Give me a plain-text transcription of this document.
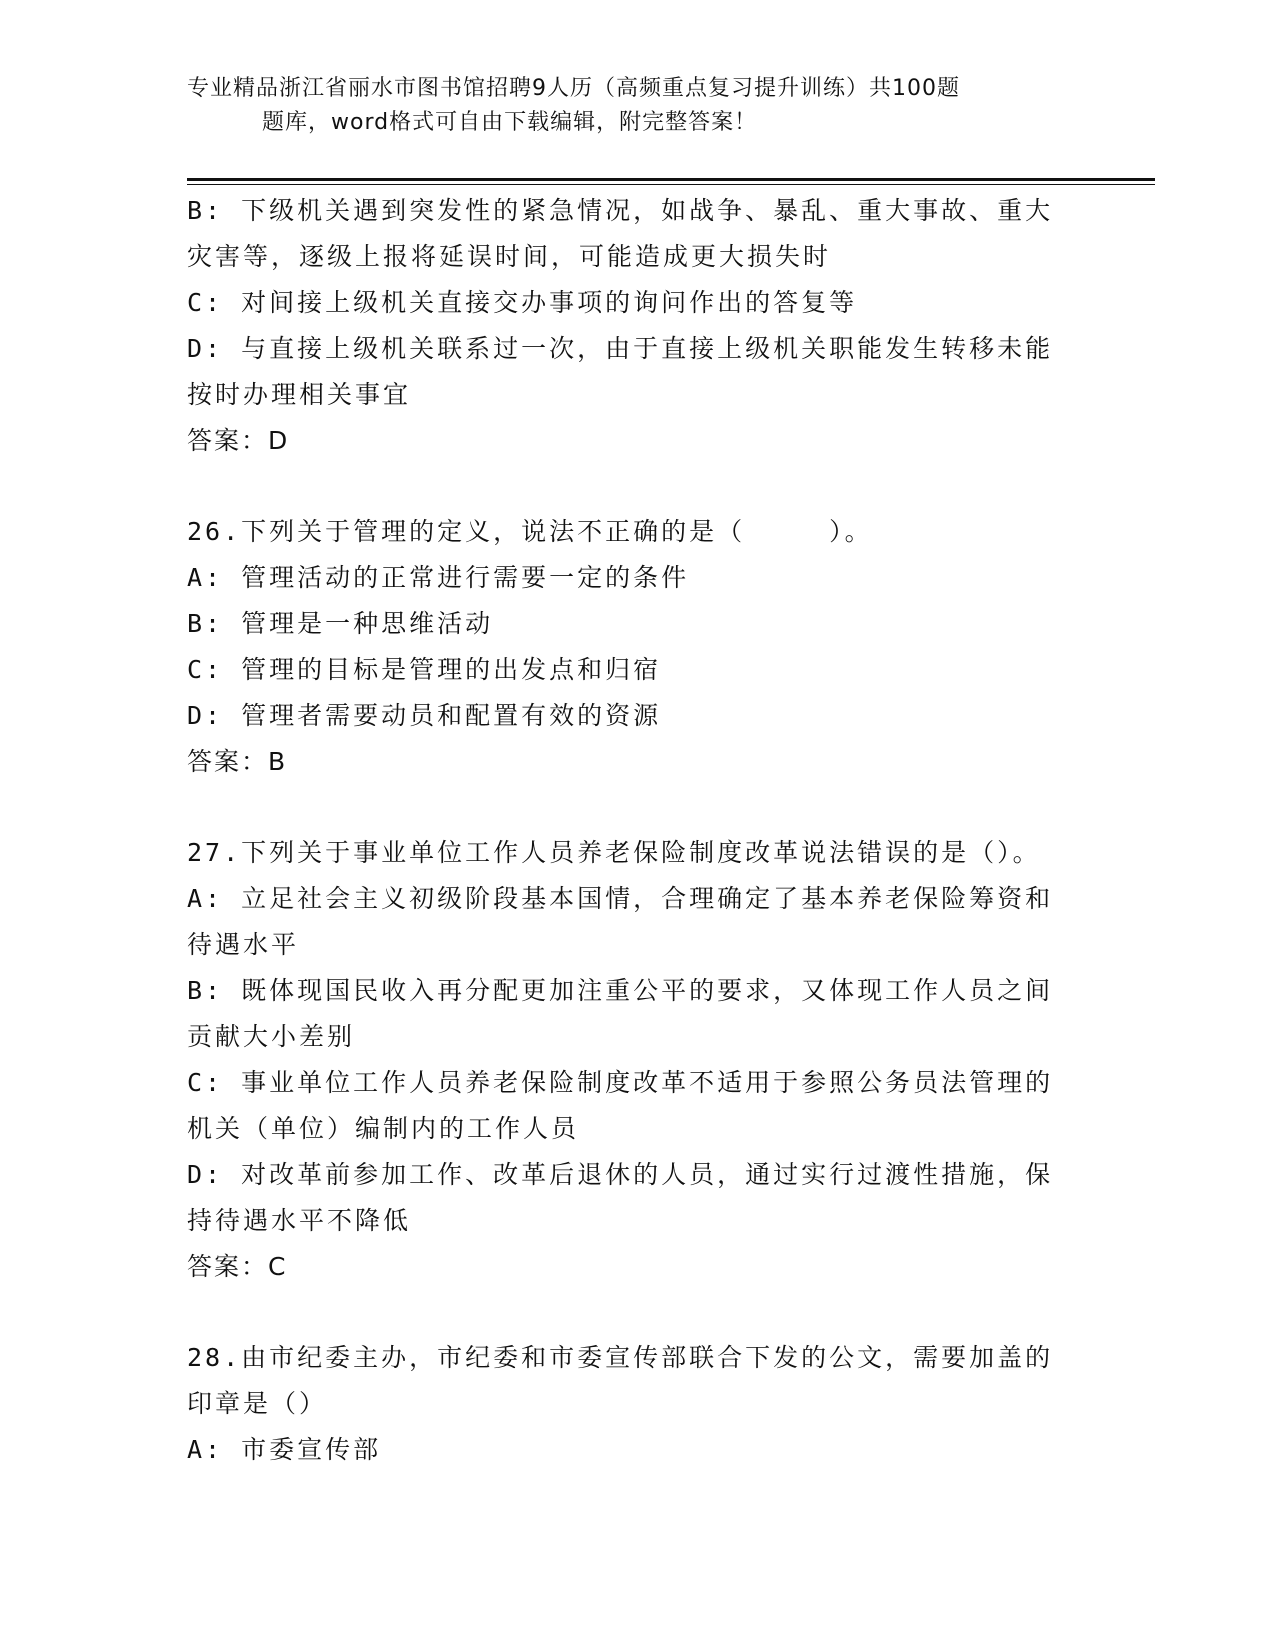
专业精品浙江省丽水市图书馆招聘9人历（高频重点复习提升训练）共100题
题库，word格式可自由下载编辑，附完整答案！

B: 下级机关遇到突发性的紧急情况，如战争、暴乱、重大事故、重大灾害等，逐级上报将延误时间，可能造成更大损失时

C: 对间接上级机关直接交办事项的询问作出的答复等

D: 与直接上级机关联系过一次，由于直接上级机关职能发生转移未能按时办理相关事宜

答案：D

26.下列关于管理的定义，说法不正确的是（　　　）。

A: 管理活动的正常进行需要一定的条件

B: 管理是一种思维活动

C: 管理的目标是管理的出发点和归宿

D: 管理者需要动员和配置有效的资源

答案：B

27.下列关于事业单位工作人员养老保险制度改革说法错误的是（）。

A: 立足社会主义初级阶段基本国情，合理确定了基本养老保险筹资和待遇水平

B: 既体现国民收入再分配更加注重公平的要求，又体现工作人员之间贡献大小差别

C: 事业单位工作人员养老保险制度改革不适用于参照公务员法管理的机关（单位）编制内的工作人员

D: 对改革前参加工作、改革后退休的人员，通过实行过渡性措施，保持待遇水平不降低

答案：C

28.由市纪委主办，市纪委和市委宣传部联合下发的公文，需要加盖的印章是（）

A: 市委宣传部
